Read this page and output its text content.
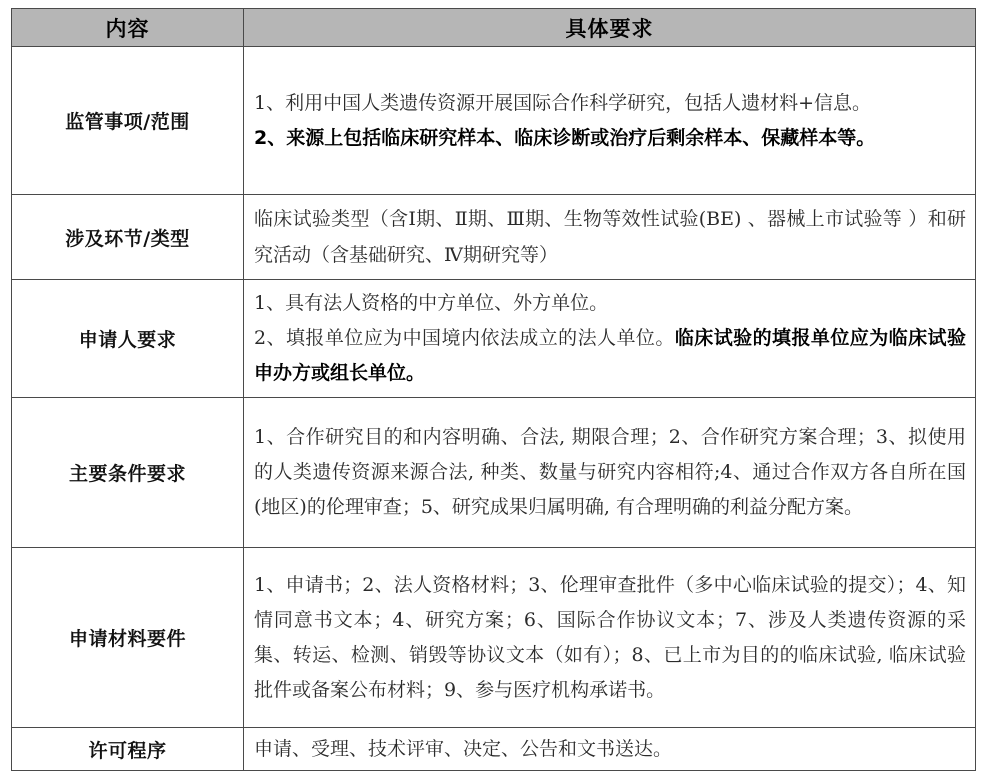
内容	具体要求
监管事项/范围	1、利用中国人类遗传资源开展国际合作科学研究，包括人遗材料+信息。

2、来源上包括临床研究样本、临床诊断或治疗后剩余样本、保藏样本等。

涉及环节/类型	临床试验类型（含Ⅰ期、Ⅱ期、Ⅲ期、生物等效性试验(BE) 、器械上市试验等 ）和研究活动（含基础研究、Ⅳ期研究等）

申请人要求	1、具有法人资格的中方单位、外方单位。

2、填报单位应为中国境内依法成立的法人单位。临床试验的填报单位应为临床试验申办方或组长单位。

主要条件要求	1、合作研究目的和内容明确、合法, 期限合理；2、合作研究方案合理；3、拟使用的人类遗传资源来源合法, 种类、数量与研究内容相符;4、通过合作双方各自所在国(地区)的伦理审查；5、研究成果归属明确, 有合理明确的利益分配方案。

申请材料要件	1、申请书；2、法人资格材料；3、伦理审查批件（多中心临床试验的提交）；4、知情同意书文本；4、研究方案；6、国际合作协议文本；7、涉及人类遗传资源的采集、转运、检测、销毁等协议文本（如有）；8、已上市为目的的临床试验, 临床试验批件或备案公布材料；9、参与医疗机构承诺书。

许可程序	申请、受理、技术评审、决定、公告和文书送达。
